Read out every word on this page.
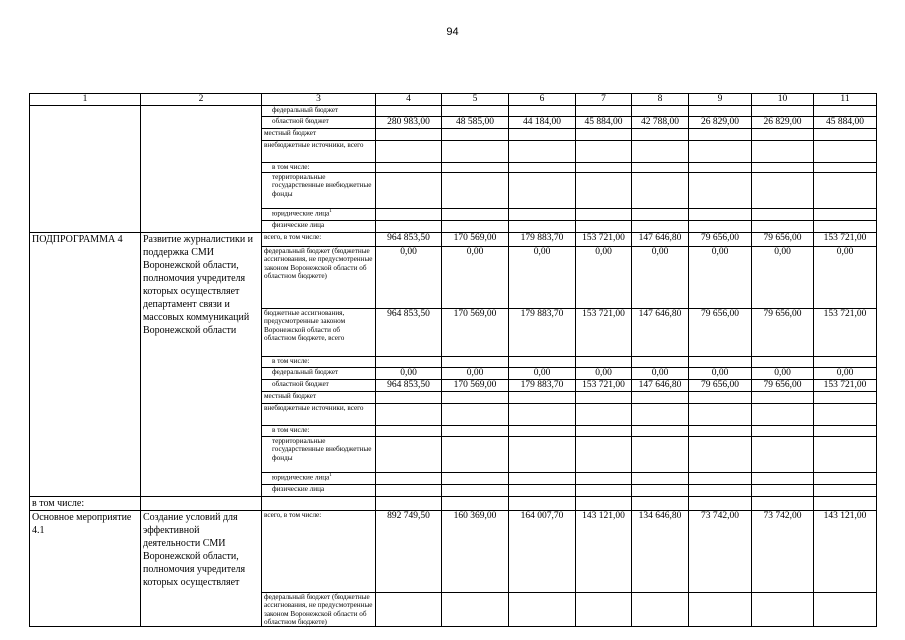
94
1	2	3	4	5	6	7	8	9	10	11
		федеральный бюджет								
		областной бюджет	280 983,00	48 585,00	44 184,00	45 884,00	42 788,00	26 829,00	26 829,00	45 884,00
		местный бюджет								
		внебюджетные источники, всего								
		в том числе:								
		территориальные государственные внебюджетные фонды								
		юридические лица$^1$								
		физические лица								
ПОДПРОГРАММА 4	Развитие журналистики и поддержка СМИ Воронежской области, полномочия учредителя которых осуществляет департамент связи и массовых коммуникаций Воронежской области	всего, в том числе:	964 853,50	170 569,00	179 883,70	153 721,00	147 646,80	79 656,00	79 656,00	153 721,00
		федеральный бюджет (бюджетные ассигнования, не предусмотренные законом Воронежской области об областном бюджете)	0,00	0,00	0,00	0,00	0,00	0,00	0,00	0,00
		бюджетные ассигнования, предусмотренные законом Воронежской области об областном бюджете, всего	964 853,50	170 569,00	179 883,70	153 721,00	147 646,80	79 656,00	79 656,00	153 721,00
		в том числе:								
		федеральный бюджет	0,00	0,00	0,00	0,00	0,00	0,00	0,00	0,00
		областной бюджет	964 853,50	170 569,00	179 883,70	153 721,00	147 646,80	79 656,00	79 656,00	153 721,00
		местный бюджет								
		внебюджетные источники, всего								
		в том числе:								
		территориальные государственные внебюджетные фонды								
		юридические лица$^1$								
		физические лица								
в том числе:										
Основное мероприятие 4.1	Создание условий для эффективной деятельности СМИ Воронежской области, полномочия учредителя которых осуществляет	всего, в том числе:	892 749,50	160 369,00	164 007,70	143 121,00	134 646,80	73 742,00	73 742,00	143 121,00
		федеральный бюджет (бюджетные ассигнования, не предусмотренные законом Воронежской области об областном бюджете)								
